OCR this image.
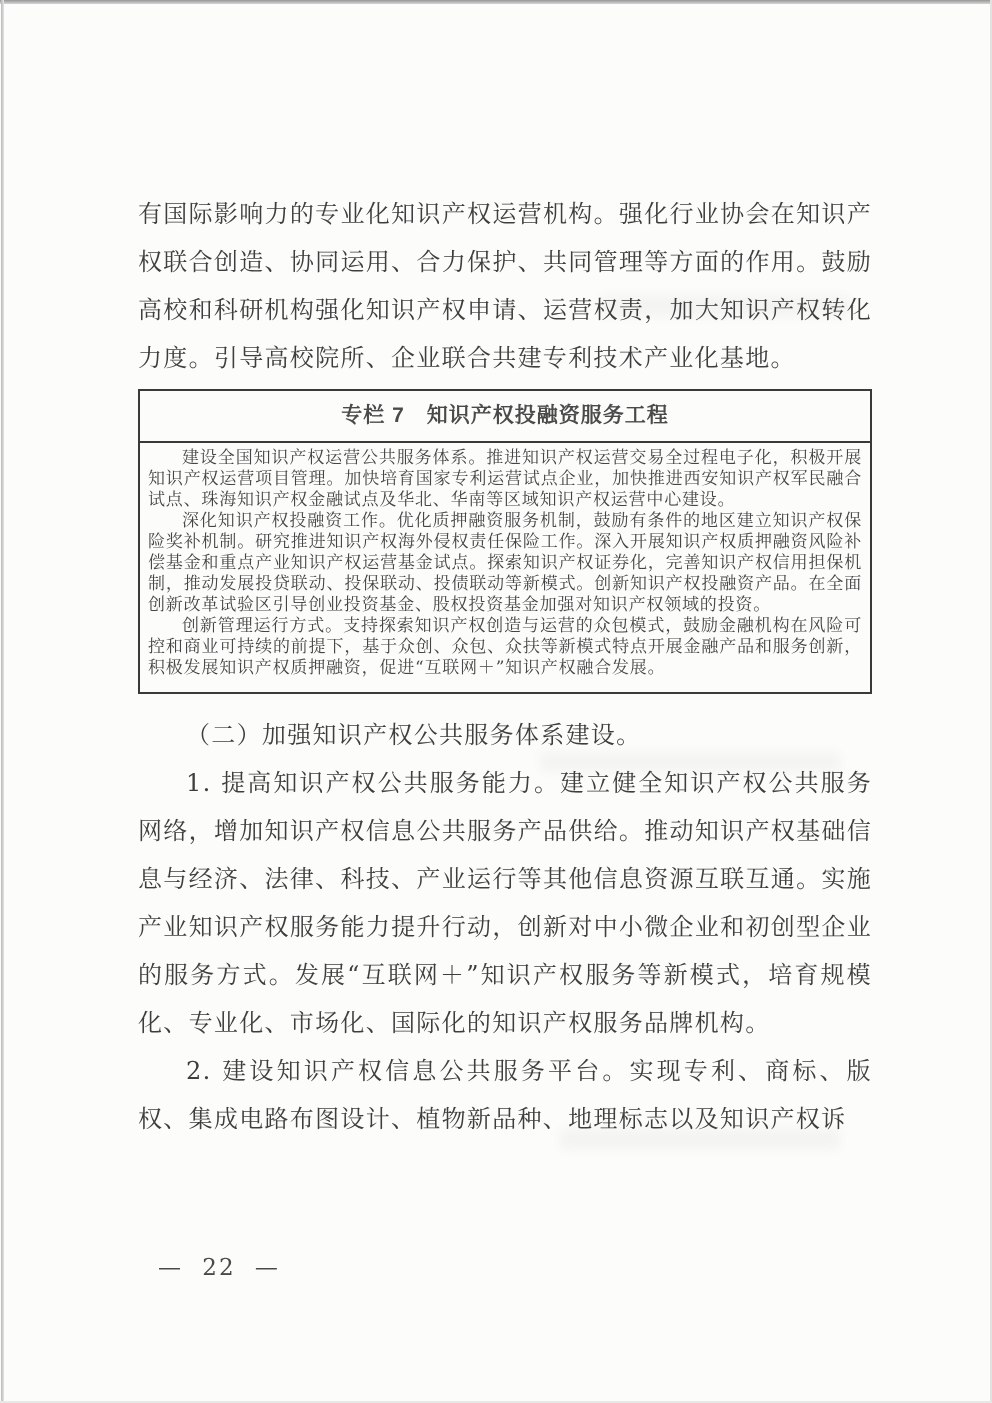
有国际影响力的专业化知识产权运营机构。强化行业协会在知识产权联合创造、协同运用、合力保护、共同管理等方面的作用。鼓励高校和科研机构强化知识产权申请、运营权责，加大知识产权转化力度。引导高校院所、企业联合共建专利技术产业化基地。

专栏 7　知识产权投融资服务工程

建设全国知识产权运营公共服务体系。推进知识产权运营交易全过程电子化，积极开展知识产权运营项目管理。加快培育国家专利运营试点企业，加快推进西安知识产权军民融合试点、珠海知识产权金融试点及华北、华南等区域知识产权运营中心建设。

深化知识产权投融资工作。优化质押融资服务机制，鼓励有条件的地区建立知识产权保险奖补机制。研究推进知识产权海外侵权责任保险工作。深入开展知识产权质押融资风险补偿基金和重点产业知识产权运营基金试点。探索知识产权证券化，完善知识产权信用担保机制，推动发展投贷联动、投保联动、投债联动等新模式。创新知识产权投融资产品。在全面创新改革试验区引导创业投资基金、股权投资基金加强对知识产权领域的投资。

创新管理运行方式。支持探索知识产权创造与运营的众包模式，鼓励金融机构在风险可控和商业可持续的前提下，基于众创、众包、众扶等新模式特点开展金融产品和服务创新，积极发展知识产权质押融资，促进“互联网＋”知识产权融合发展。

（二）加强知识产权公共服务体系建设。

1. 提高知识产权公共服务能力。建立健全知识产权公共服务网络，增加知识产权信息公共服务产品供给。推动知识产权基础信息与经济、法律、科技、产业运行等其他信息资源互联互通。实施产业知识产权服务能力提升行动，创新对中小微企业和初创型企业的服务方式。发展“互联网＋”知识产权服务等新模式，培育规模化、专业化、市场化、国际化的知识产权服务品牌机构。

2. 建设知识产权信息公共服务平台。实现专利、商标、版权、集成电路布图设计、植物新品种、地理标志以及知识产权诉

— 22 —
